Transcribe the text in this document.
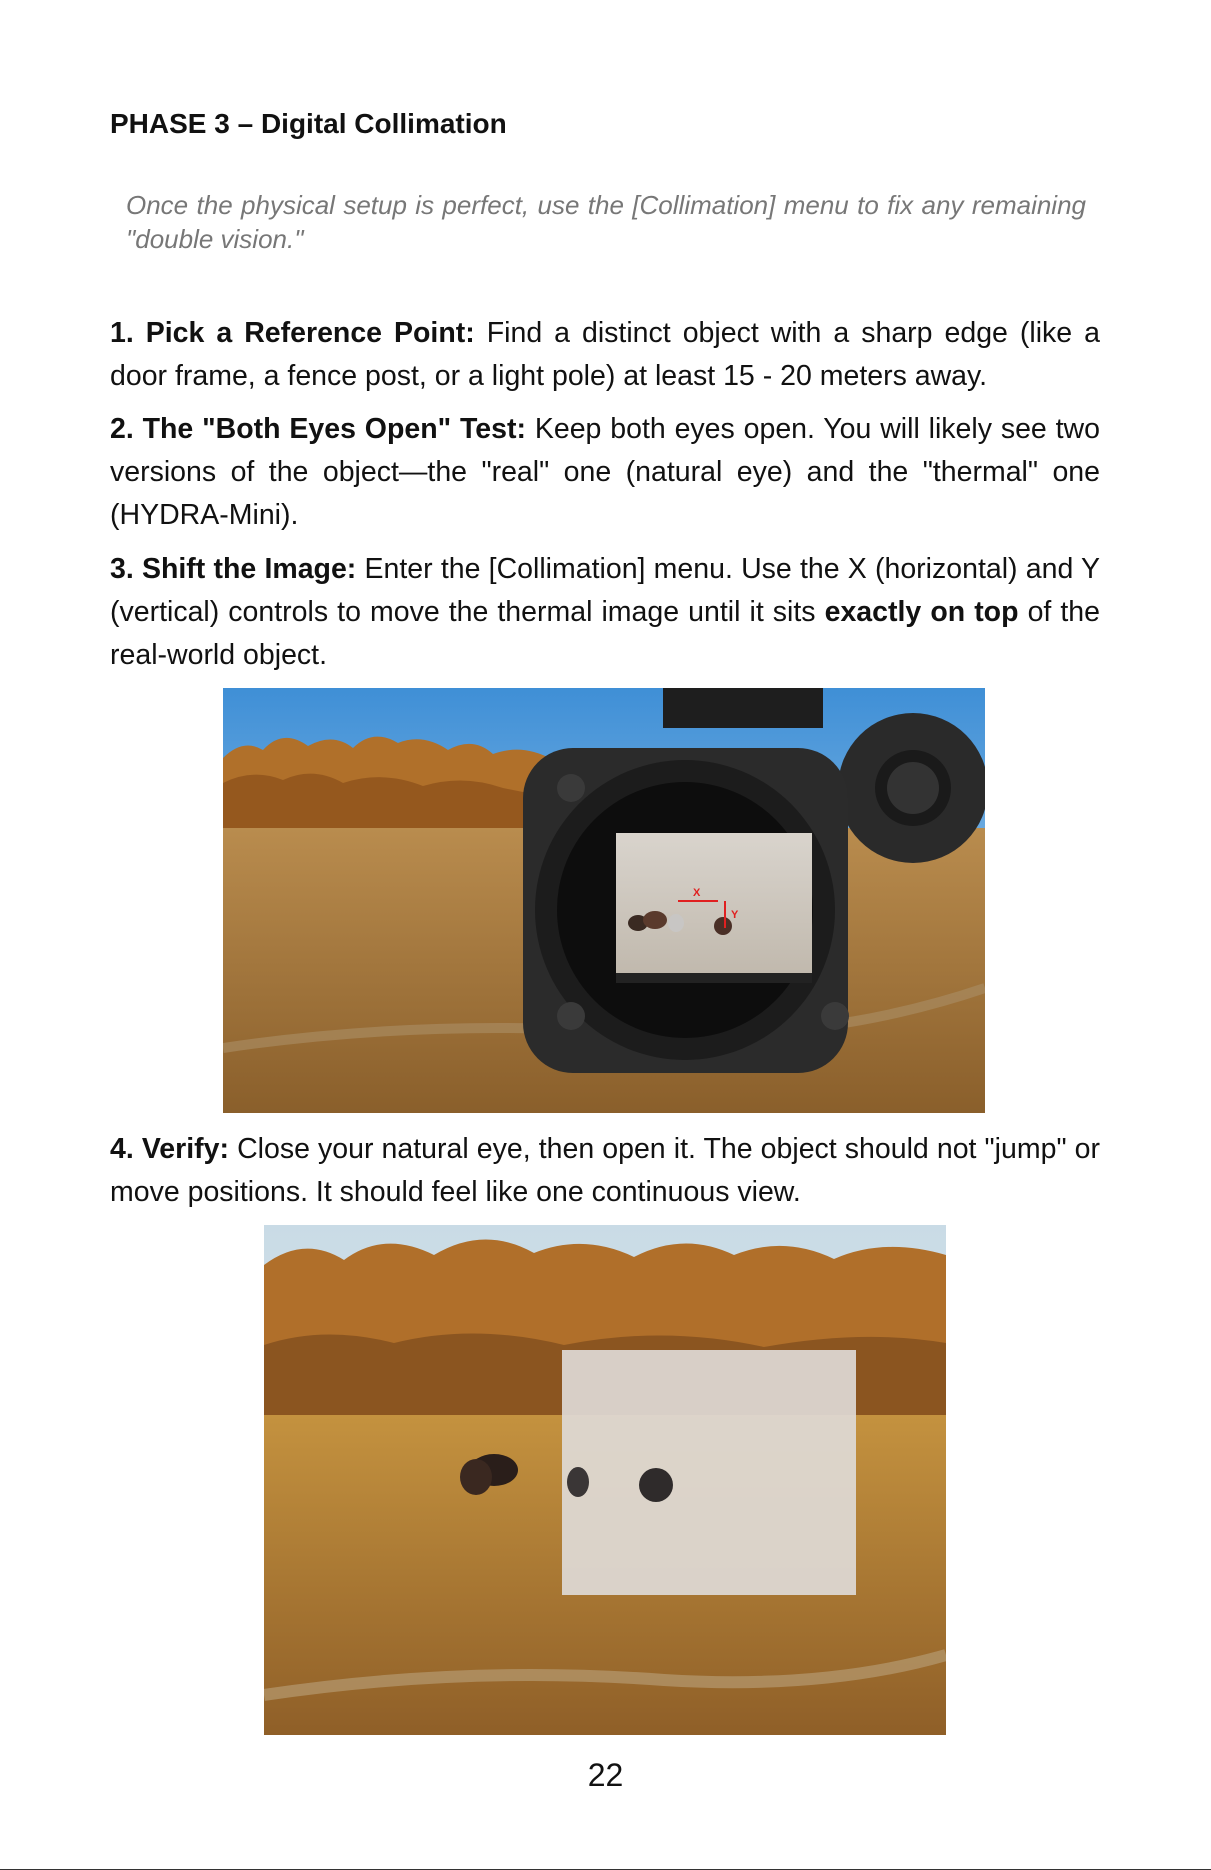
PHASE 3 – Digital Collimation
Once the physical setup is perfect, use the [Collimation] menu to fix any remaining "double vision."

1. Pick a Reference Point: Find a distinct object with a sharp edge (like a door frame, a fence post, or a light pole) at least 15 - 20 meters away.

2. The "Both Eyes Open" Test: Keep both eyes open. You will likely see two versions of the object—the "real" one (natural eye) and the "thermal" one (HYDRA-Mini).

3. Shift the Image: Enter the [Collimation] menu. Use the X (horizontal) and Y (vertical) controls to move the thermal image until it sits exactly on top of the real-world object.

X
Y

4. Verify: Close your natural eye, then open it. The object should not "jump" or move positions. It should feel like one continuous view.

22
